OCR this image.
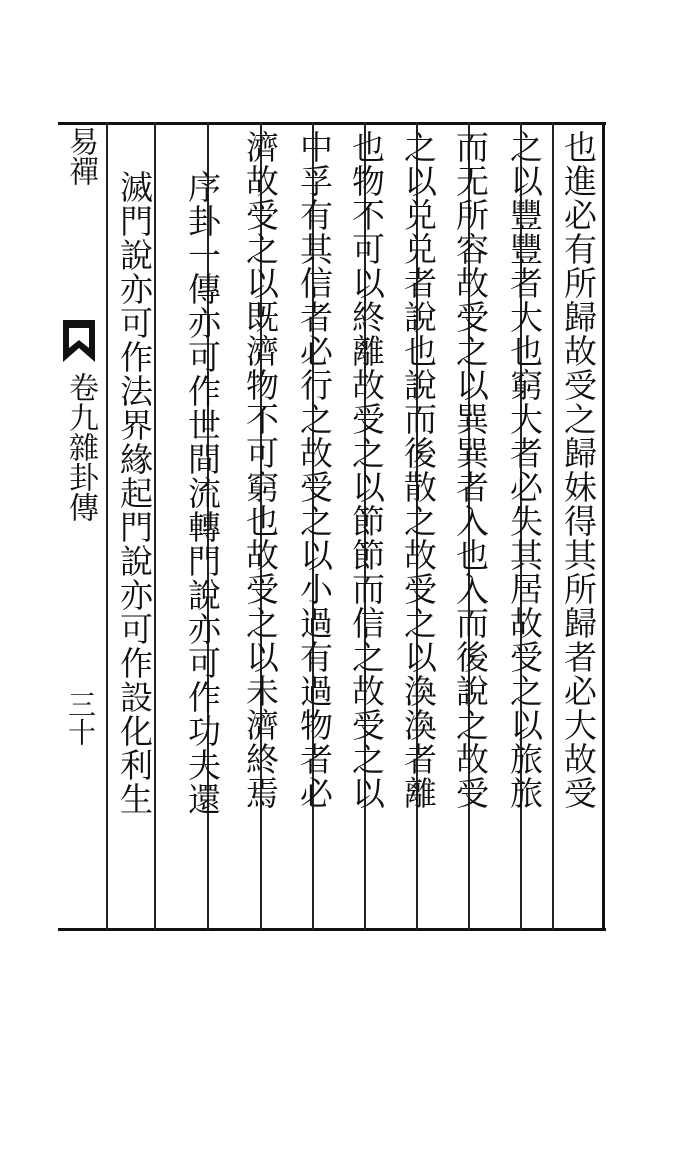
易禪
卷九雜卦傳
三十	也進必有所歸故受之歸妹得其所歸者必大故受
之以豐豐者大也窮大者必失其居故受之以旅旅
而无所容故受之以巽巽者入也入而後說之故受
之以兑兑者說也說而後散之故受之以渙渙者離
也物不可以終離故受之以節節而信之故受之以
中孚有其信者必行之故受之以小過有過物者必
濟故受之以既濟物不可窮也故受之以未濟終焉
序卦一傳亦可作世間流轉門說亦可作功夫還
滅門說亦可作法界緣起門說亦可作設化利生
